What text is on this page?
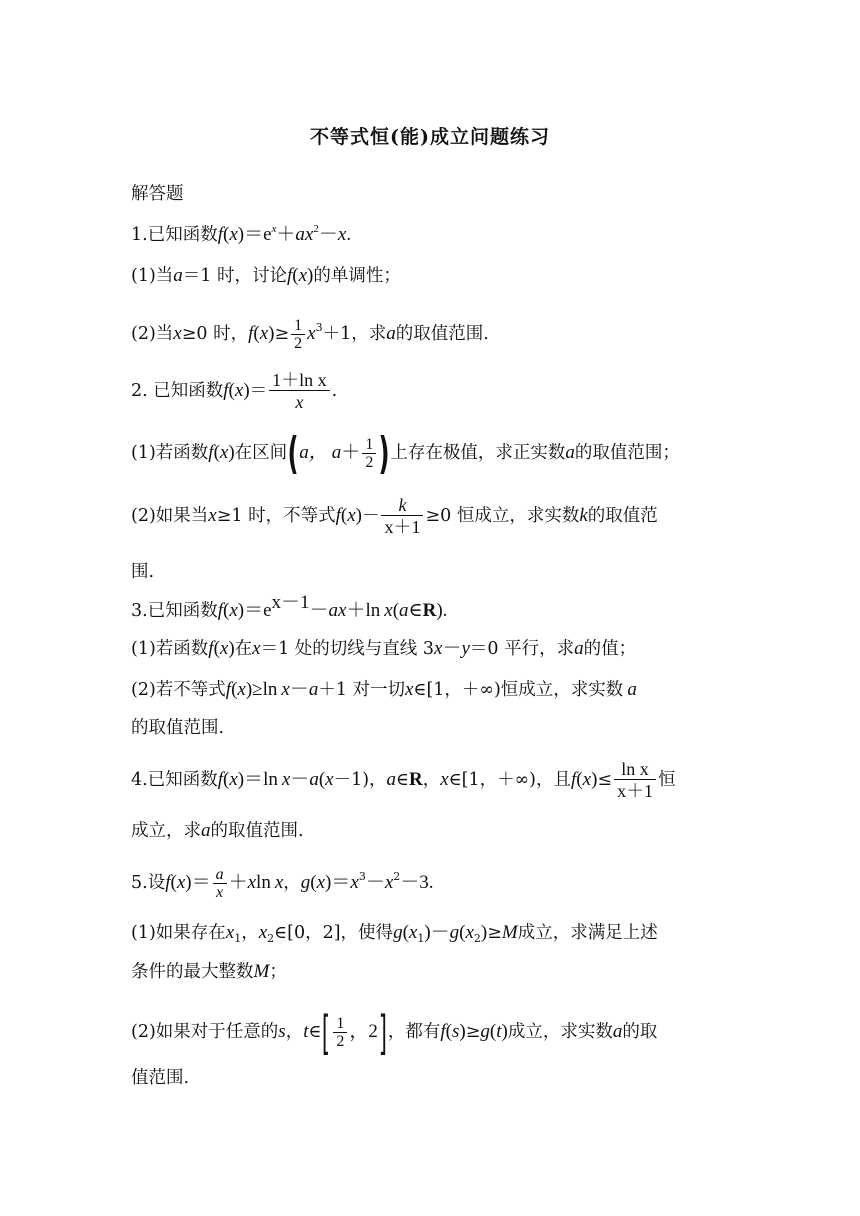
不等式恒(能)成立问题练习
解答题
1.已知函数$f(x)=e^x+ax^2-x$.
(1)当a＝1 时，讨论f(x)的单调性；
(2)当x≥0 时，$f(x)\ge \frac{1}{2} x^3+1$，求a的取值范围.
2. 已知函数$f(x)= \frac{\text{1＋ln x}}{x}$ .
(1)若函数f(x)在区间(a， $a+ \frac{1}{2}$ )上存在极值，求正实数a的取值范围；
(2)如果当x≥1 时，不等式$f(x)- \frac{k}{x+1} \ge 0$ 恒成立，求实数k的取值范
围.
3.已知函数$f(x)=e^{x-1}-ax+\ln$ x(a∈R).
(1)若函数f(x)在x＝1 处的切线与直线 3x－y＝0 平行，求a的值；
(2)若不等式f(x)≥ln x－a＋1 对一切x∈[1，＋∞)恒成立，求实数 a
的取值范围.
4.已知函数f(x)＝ln x－a(x－1)，a∈R，x∈[1，＋∞)，且$f(x)\le \frac{\text{ln x}}{x+1}$ 恒
成立，求a的取值范围.
5.设$f(x)= \frac{a}{x} +xln$ x，$g(x)=x^3-x^2-3$.
(1)如果存在$x_1$，$x_2\in[0$，2]，使得$g(x_1)-g(x_2)\ge M$成立，求满足上述
条件的最大整数M；
(2)如果对于任意的s，t∈[ $\frac{1}{2}$ ，2]，都有f(s)≥g(t)成立，求实数a的取
值范围.
